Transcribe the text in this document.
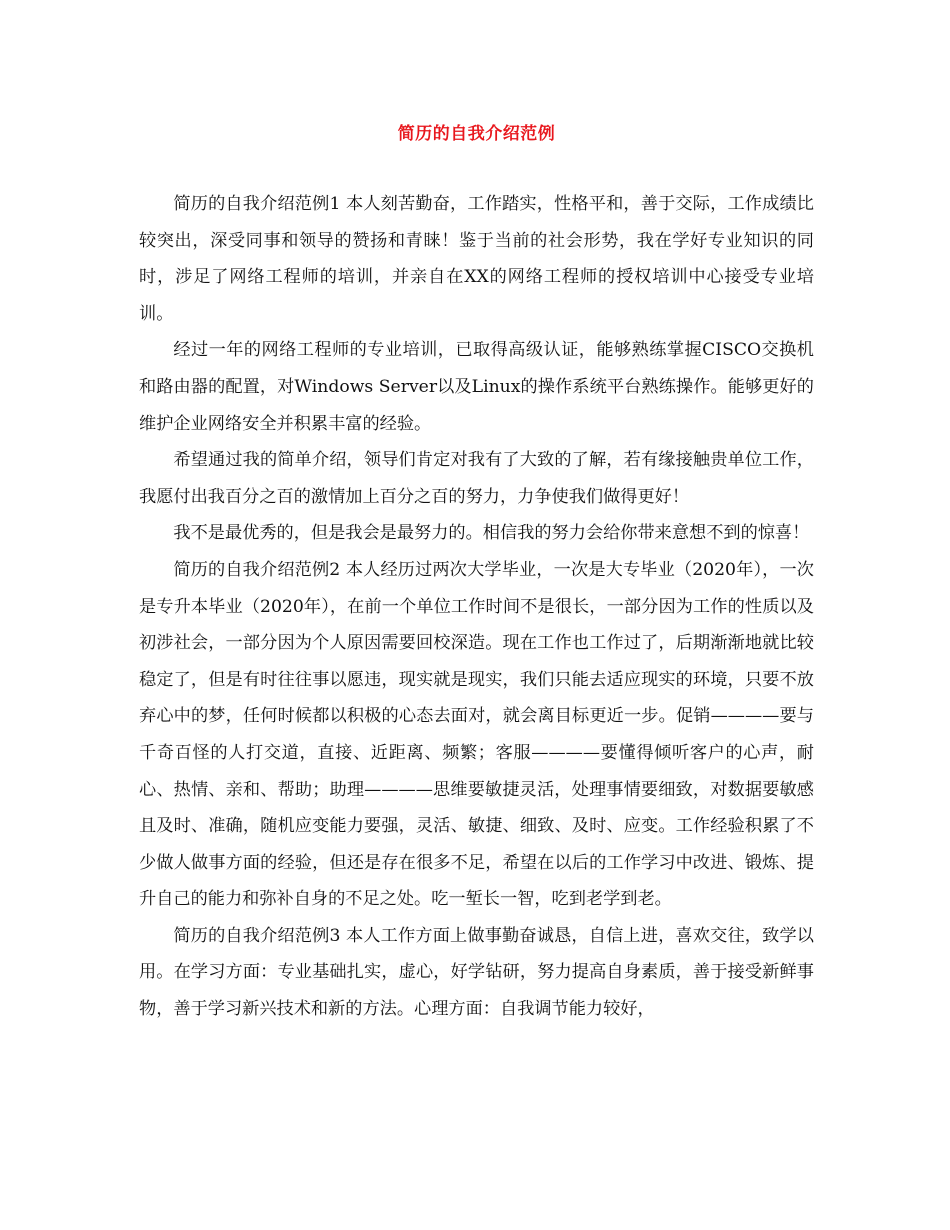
简历的自我介绍范例

简历的自我介绍范例1 本人刻苦勤奋，工作踏实，性格平和，善于交际，工作成绩比较突出，深受同事和领导的赞扬和青睐！鉴于当前的社会形势，我在学好专业知识的同时，涉足了网络工程师的培训，并亲自在XX的网络工程师的授权培训中心接受专业培训。

经过一年的网络工程师的专业培训，已取得高级认证，能够熟练掌握CISCO交换机和路由器的配置，对Windows Server以及Linux的操作系统平台熟练操作。能够更好的维护企业网络安全并积累丰富的经验。

希望通过我的简单介绍，领导们肯定对我有了大致的了解，若有缘接触贵单位工作，我愿付出我百分之百的激情加上百分之百的努力，力争使我们做得更好！

我不是最优秀的，但是我会是最努力的。相信我的努力会给你带来意想不到的惊喜！

简历的自我介绍范例2 本人经历过两次大学毕业，一次是大专毕业（2020年），一次是专升本毕业（2020年），在前一个单位工作时间不是很长，一部分因为工作的性质以及初涉社会，一部分因为个人原因需要回校深造。现在工作也工作过了，后期渐渐地就比较稳定了，但是有时往往事以愿违，现实就是现实，我们只能去适应现实的环境，只要不放弃心中的梦，任何时候都以积极的心态去面对，就会离目标更近一步。促销————要与千奇百怪的人打交道，直接、近距离、频繁；客服————要懂得倾听客户的心声，耐心、热情、亲和、帮助；助理————思维要敏捷灵活，处理事情要细致，对数据要敏感且及时、准确，随机应变能力要强，灵活、敏捷、细致、及时、应变。工作经验积累了不少做人做事方面的经验，但还是存在很多不足，希望在以后的工作学习中改进、锻炼、提升自己的能力和弥补自身的不足之处。吃一堑长一智，吃到老学到老。

简历的自我介绍范例3 本人工作方面上做事勤奋诚恳，自信上进，喜欢交往，致学以用。在学习方面：专业基础扎实，虚心，好学钻研，努力提高自身素质，善于接受新鲜事物，善于学习新兴技术和新的方法。心理方面：自我调节能力较好，
